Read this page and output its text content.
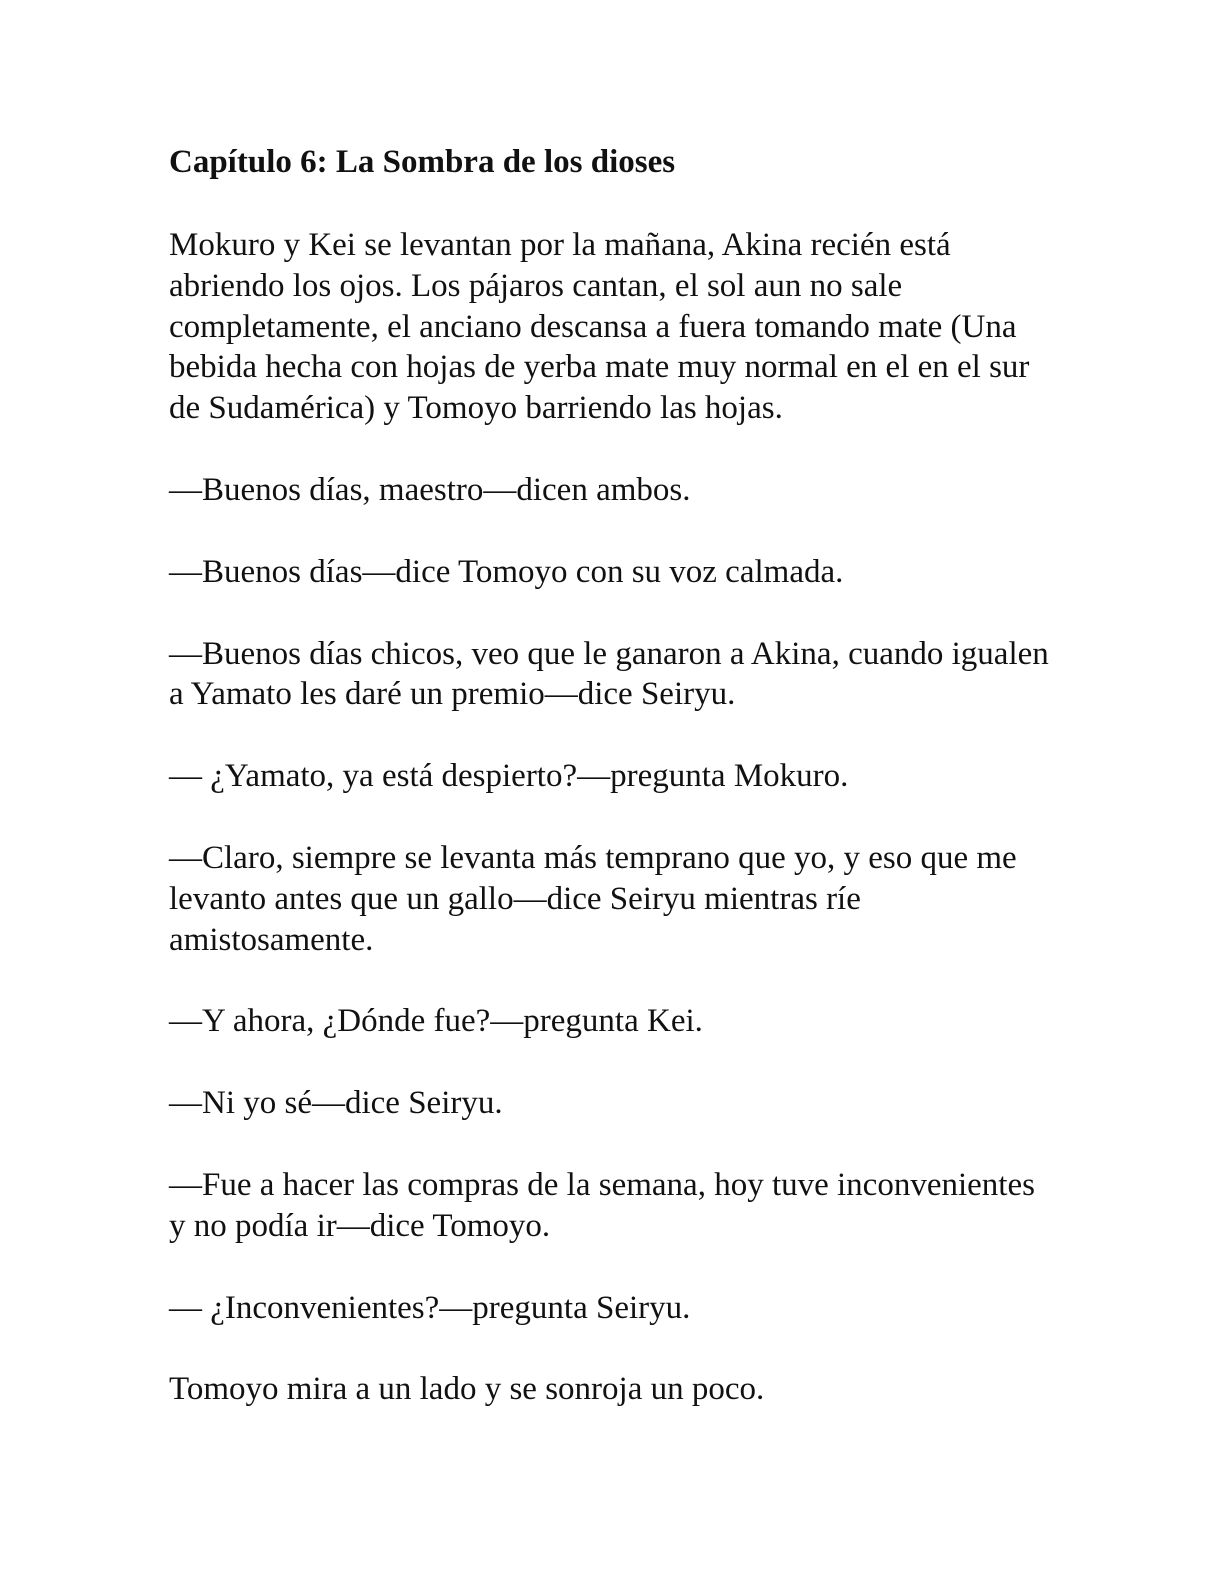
Capítulo 6: La Sombra de los dioses

Mokuro y Kei se levantan por la mañana, Akina recién está abriendo los ojos. Los pájaros cantan, el sol aun no sale completamente, el anciano descansa a fuera tomando mate (Una bebida hecha con hojas de yerba mate muy normal en el en el sur de Sudamérica) y Tomoyo barriendo las hojas.

—Buenos días, maestro—dicen ambos.

—Buenos días—dice Tomoyo con su voz calmada.

—Buenos días chicos, veo que le ganaron a Akina, cuando igualen a Yamato les daré un premio—dice Seiryu.

— ¿Yamato, ya está despierto?—pregunta Mokuro.

—Claro, siempre se levanta más temprano que yo, y eso que me levanto antes que un gallo—dice Seiryu mientras ríe amistosamente.

—Y ahora, ¿Dónde fue?—pregunta Kei.

—Ni yo sé—dice Seiryu.

—Fue a hacer las compras de la semana, hoy tuve inconvenientes y no podía ir—dice Tomoyo.

— ¿Inconvenientes?—pregunta Seiryu.

Tomoyo mira a un lado y se sonroja un poco.
